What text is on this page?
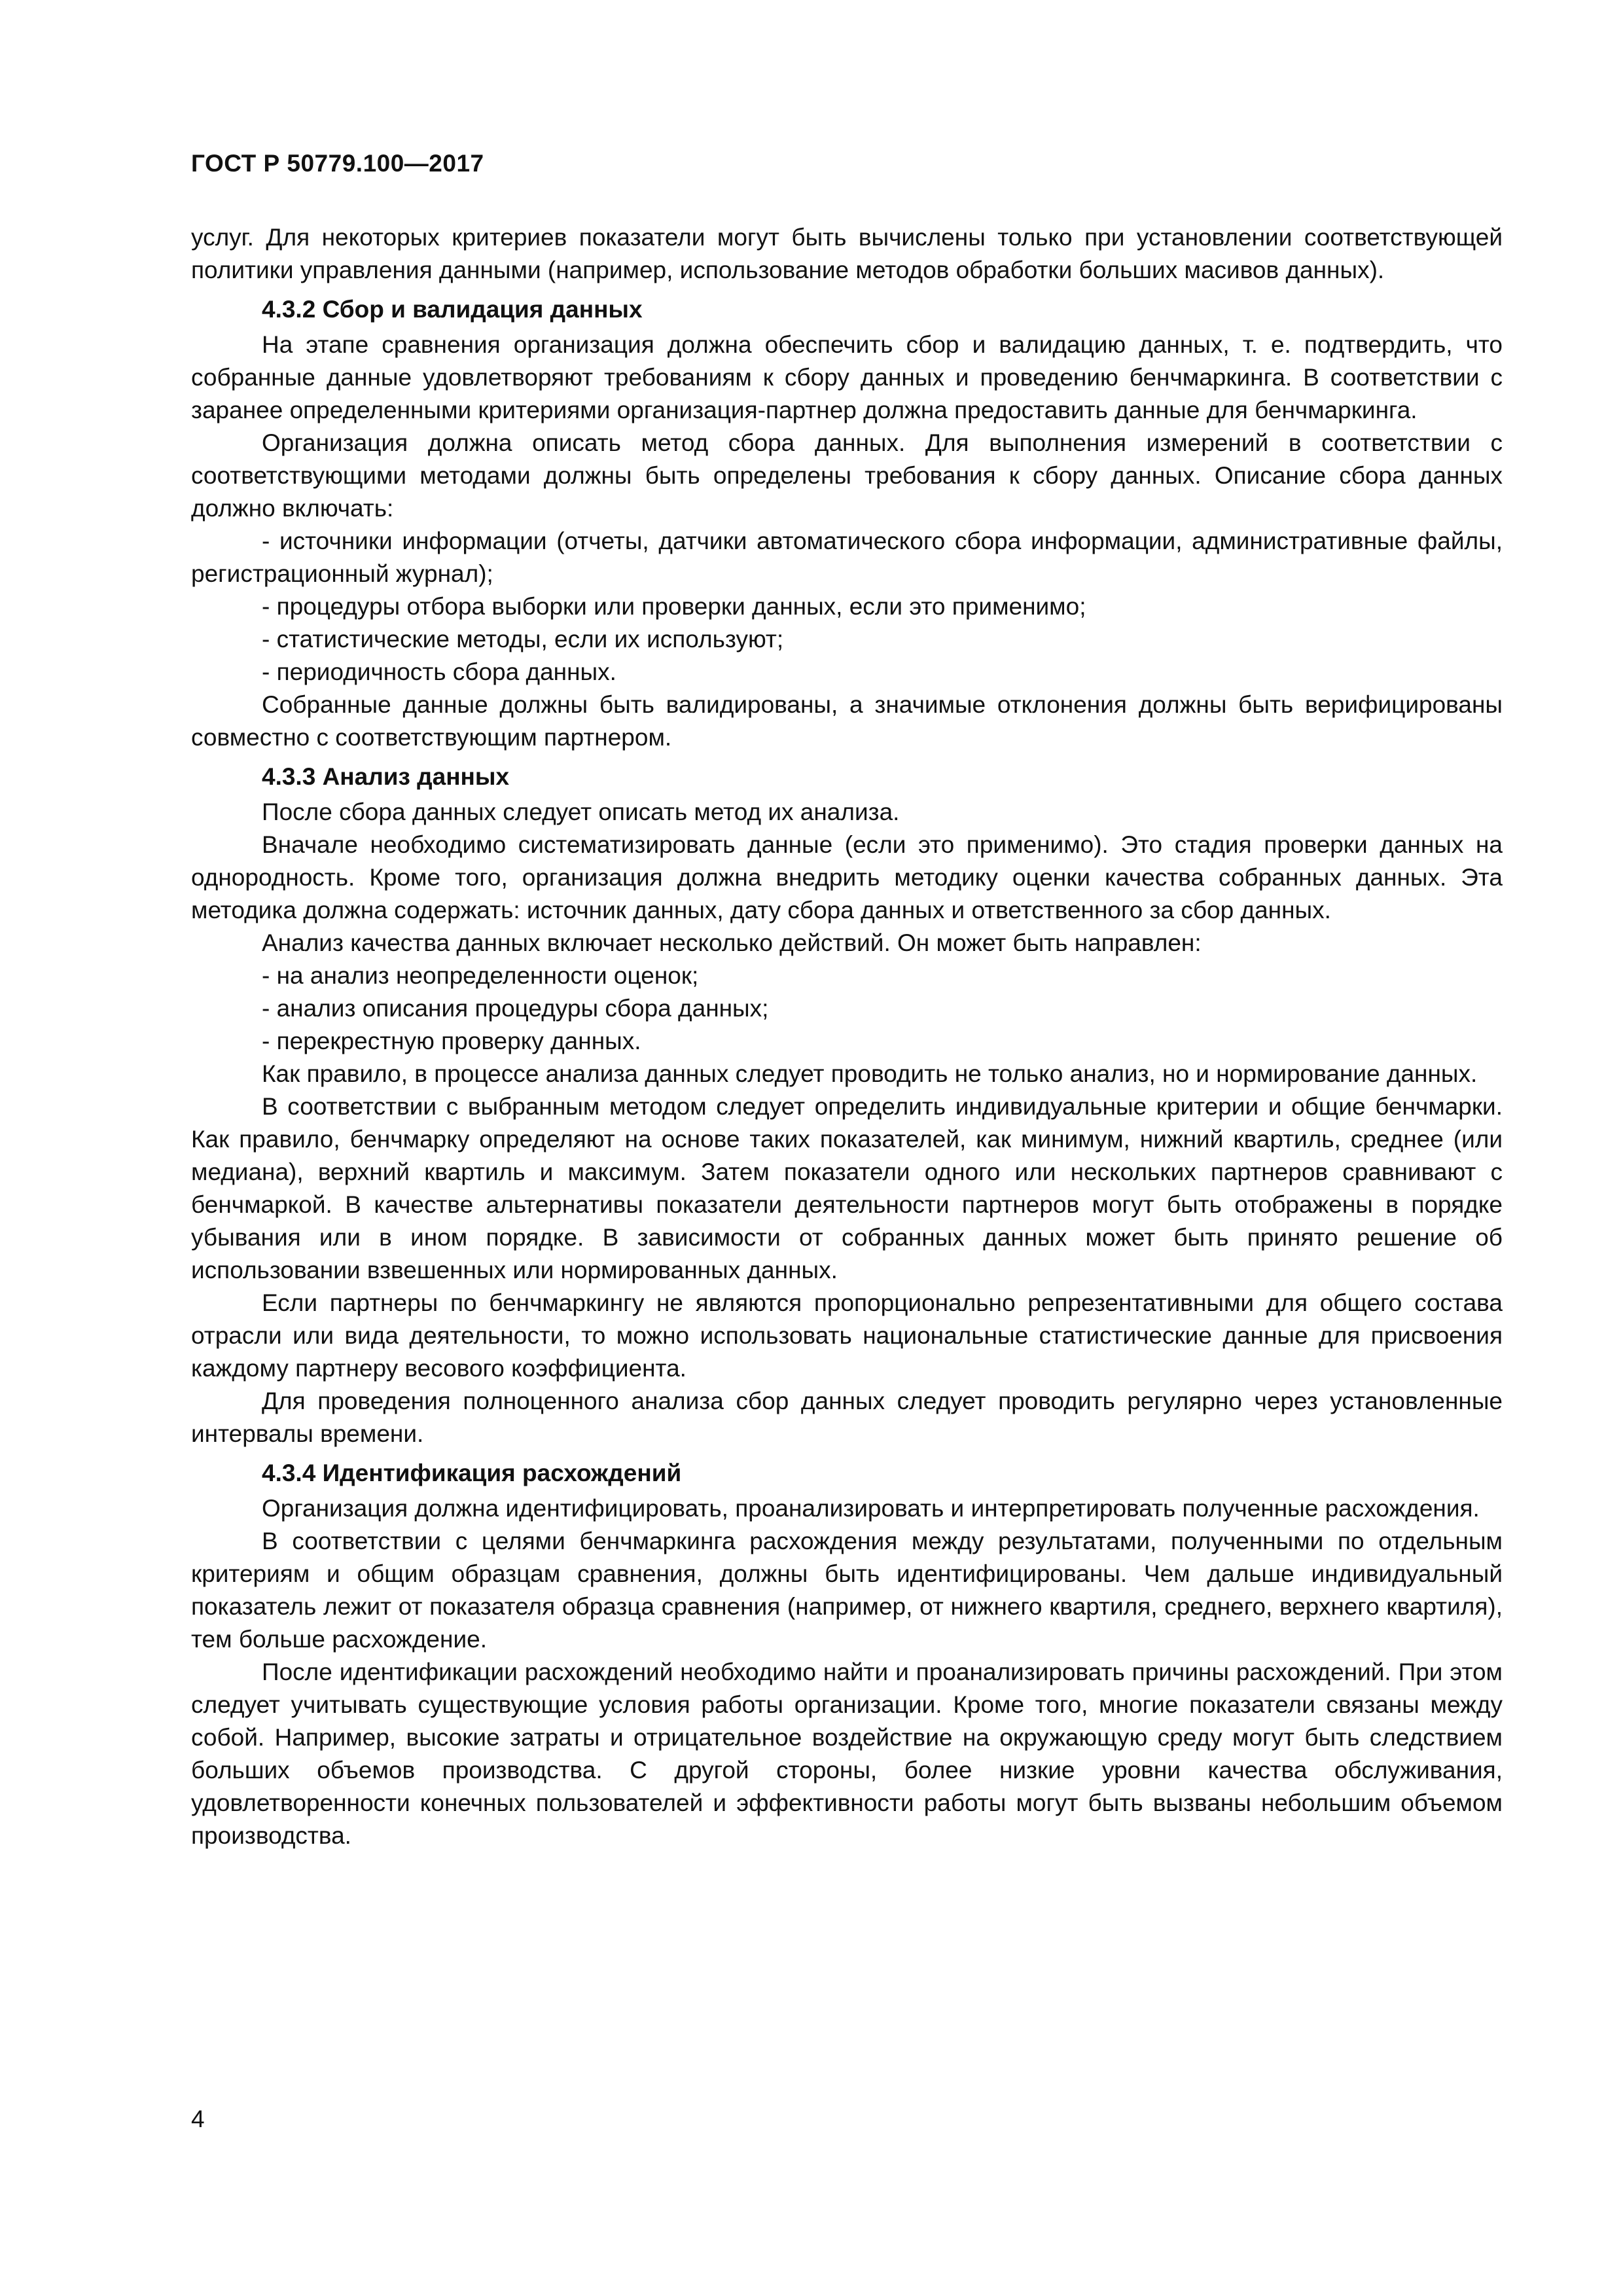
ГОСТ Р 50779.100—2017

услуг. Для некоторых критериев показатели могут быть вычислены только при установлении соответствующей политики управления данными (например, использование методов обработки больших масивов данных).

4.3.2 Сбор и валидация данных

На этапе сравнения организация должна обеспечить сбор и валидацию данных, т. е. подтвердить, что собранные данные удовлетворяют требованиям к сбору данных и проведению бенчмаркинга. В соответствии с заранее определенными критериями организация-партнер должна предоставить данные для бенчмаркинга.

Организация должна описать метод сбора данных. Для выполнения измерений в соответствии с соответствующими методами должны быть определены требования к сбору данных. Описание сбора данных должно включать:

- источники информации (отчеты, датчики автоматического сбора информации, административные файлы, регистрационный журнал);

- процедуры отбора выборки или проверки данных, если это применимо;

- статистические методы, если их используют;

- периодичность сбора данных.

Собранные данные должны быть валидированы, а значимые отклонения должны быть верифицированы совместно с соответствующим партнером.

4.3.3 Анализ данных

После сбора данных следует описать метод их анализа.

Вначале необходимо систематизировать данные (если это применимо). Это стадия проверки данных на однородность. Кроме того, организация должна внедрить методику оценки качества собранных данных. Эта методика должна содержать: источник данных, дату сбора данных и ответственного за сбор данных.

Анализ качества данных включает несколько действий. Он может быть направлен:

- на анализ неопределенности оценок;

- анализ описания процедуры сбора данных;

- перекрестную проверку данных.

Как правило, в процессе анализа данных следует проводить не только анализ, но и нормирование данных.

В соответствии с выбранным методом следует определить индивидуальные критерии и общие бенчмарки. Как правило, бенчмарку определяют на основе таких показателей, как минимум, нижний квартиль, среднее (или медиана), верхний квартиль и максимум. Затем показатели одного или нескольких партнеров сравнивают с бенчмаркой. В качестве альтернативы показатели деятельности партнеров могут быть отображены в порядке убывания или в ином порядке. В зависимости от собранных данных может быть принято решение об использовании взвешенных или нормированных данных.

Если партнеры по бенчмаркингу не являются пропорционально репрезентативными для общего состава отрасли или вида деятельности, то можно использовать национальные статистические данные для присвоения каждому партнеру весового коэффициента.

Для проведения полноценного анализа сбор данных следует проводить регулярно через установленные интервалы времени.

4.3.4 Идентификация расхождений

Организация должна идентифицировать, проанализировать и интерпретировать полученные расхождения.

В соответствии с целями бенчмаркинга расхождения между результатами, полученными по отдельным критериям и общим образцам сравнения, должны быть идентифицированы. Чем дальше индивидуальный показатель лежит от показателя образца сравнения (например, от нижнего квартиля, среднего, верхнего квартиля), тем больше расхождение.

После идентификации расхождений необходимо найти и проанализировать причины расхождений. При этом следует учитывать существующие условия работы организации. Кроме того, многие показатели связаны между собой. Например, высокие затраты и отрицательное воздействие на окружающую среду могут быть следствием больших объемов производства. С другой стороны, более низкие уровни качества обслуживания, удовлетворенности конечных пользователей и эффективности работы могут быть вызваны небольшим объемом производства.

4
